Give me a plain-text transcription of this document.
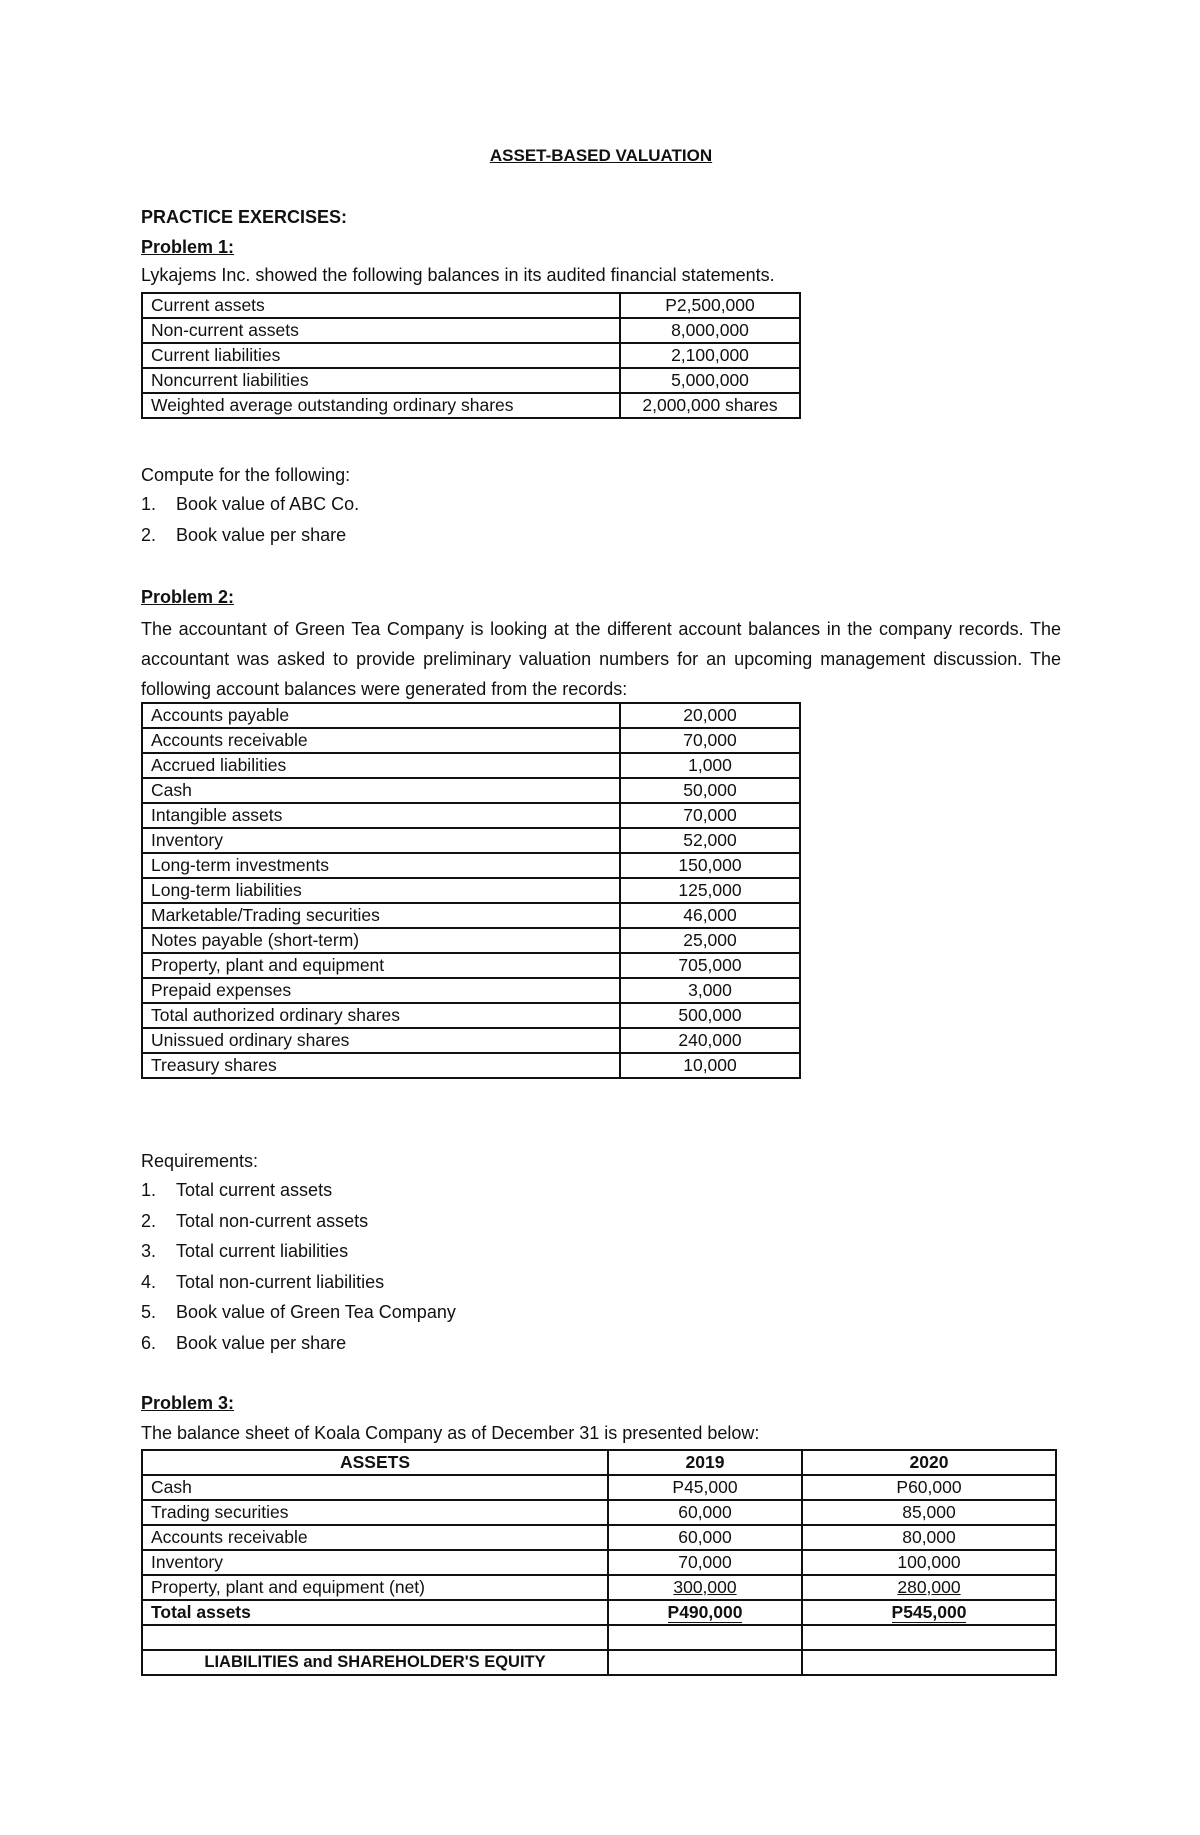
ASSET-BASED VALUATION
PRACTICE EXERCISES:
Problem 1:
Lykajems Inc. showed the following balances in its audited financial statements.
Current assets	P2,500,000
Non-current assets	8,000,000
Current liabilities	2,100,000
Noncurrent liabilities	5,000,000
Weighted average outstanding ordinary shares	2,000,000 shares
Compute for the following:
1. Book value of ABC Co.
2. Book value per share
Problem 2:
The accountant of Green Tea Company is looking at the different account balances in the company records. The accountant was asked to provide preliminary valuation numbers for an upcoming management discussion. The following account balances were generated from the records:
Accounts payable	20,000
Accounts receivable	70,000
Accrued liabilities	1,000
Cash	50,000
Intangible assets	70,000
Inventory	52,000
Long-term investments	150,000
Long-term liabilities	125,000
Marketable/Trading securities	46,000
Notes payable (short-term)	25,000
Property, plant and equipment	705,000
Prepaid expenses	3,000
Total authorized ordinary shares	500,000
Unissued ordinary shares	240,000
Treasury shares	10,000
Requirements:
1. Total current assets
2. Total non-current assets
3. Total current liabilities
4. Total non-current liabilities
5. Book value of Green Tea Company
6. Book value per share
Problem 3:
The balance sheet of Koala Company as of December 31 is presented below:
ASSETS	2019	2020
Cash	P45,000	P60,000
Trading securities	60,000	85,000
Accounts receivable	60,000	80,000
Inventory	70,000	100,000
Property, plant and equipment (net)	300,000	280,000
Total assets	P490,000	P545,000

LIABILITIES and SHAREHOLDER'S EQUITY		
